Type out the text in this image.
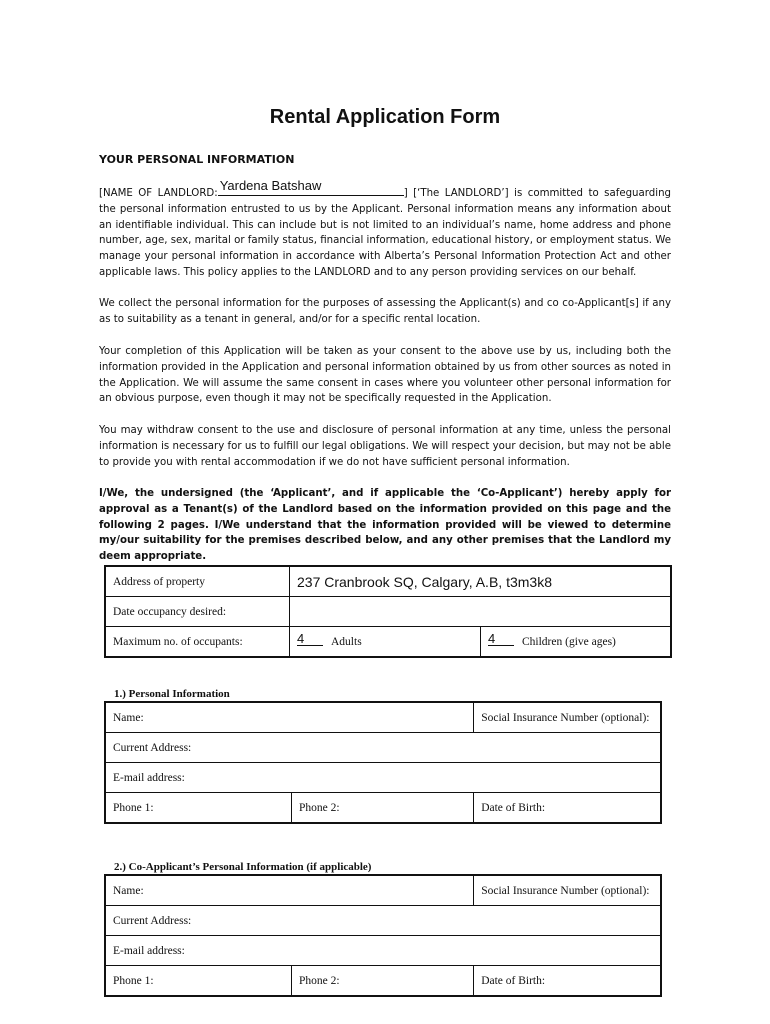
Rental Application Form
YOUR PERSONAL INFORMATION

[NAME OF LANDLORD:
Yardena Batshaw
] [‘The LANDLORD’] is committed to safeguarding the personal information entrusted to us by the Applicant. Personal information means any information about an identifiable individual. This can include but is not limited to an individual’s name, home address and phone number, age, sex, marital or family status, financial information, educational history, or employment status. We manage your personal information in accordance with Alberta’s Personal Information Protection Act and other applicable laws. This policy applies to the LANDLORD and to any person providing services on our behalf.

We collect the personal information for the purposes of assessing the Applicant(s) and co co-Applicant[s] if any as to suitability as a tenant in general, and/or for a specific rental location.

Your completion of this Application will be taken as your consent to the above use by us, including both the information provided in the Application and personal information obtained by us from other sources as noted in the Application. We will assume the same consent in cases where you volunteer other personal information for an obvious purpose, even though it may not be specifically requested in the Application.

You may withdraw consent to the use and disclosure of personal information at any time, unless the personal information is necessary for us to fulfill our legal obligations. We will respect your decision, but may not be able to provide you with rental accommodation if we do not have sufficient personal information.

I/We, the undersigned (the ‘Applicant’, and if applicable the ‘Co-Applicant’) hereby apply for approval as a Tenant(s) of the Landlord based on the information provided on this page and the following 2 pages. I/We understand that the information provided will be viewed to determine my/our suitability for the premises described below, and any other premises that the Landlord my deem appropriate.

Address of property	237 Cranbrook SQ, Calgary, A.B, t3m3k8	
Date occupancy desired:		
Maximum no. of occupants:	4 Adults	4 Children (give ages)
1.) Personal Information
Name:		Social Insurance Number (optional):
Current Address:		
E-mail address:		
Phone 1:	Phone 2:	Date of Birth:
2.) Co-Applicant’s Personal Information (if applicable)
Name:		Social Insurance Number (optional):
Current Address:		
E-mail address:		
Phone 1:	Phone 2:	Date of Birth:
